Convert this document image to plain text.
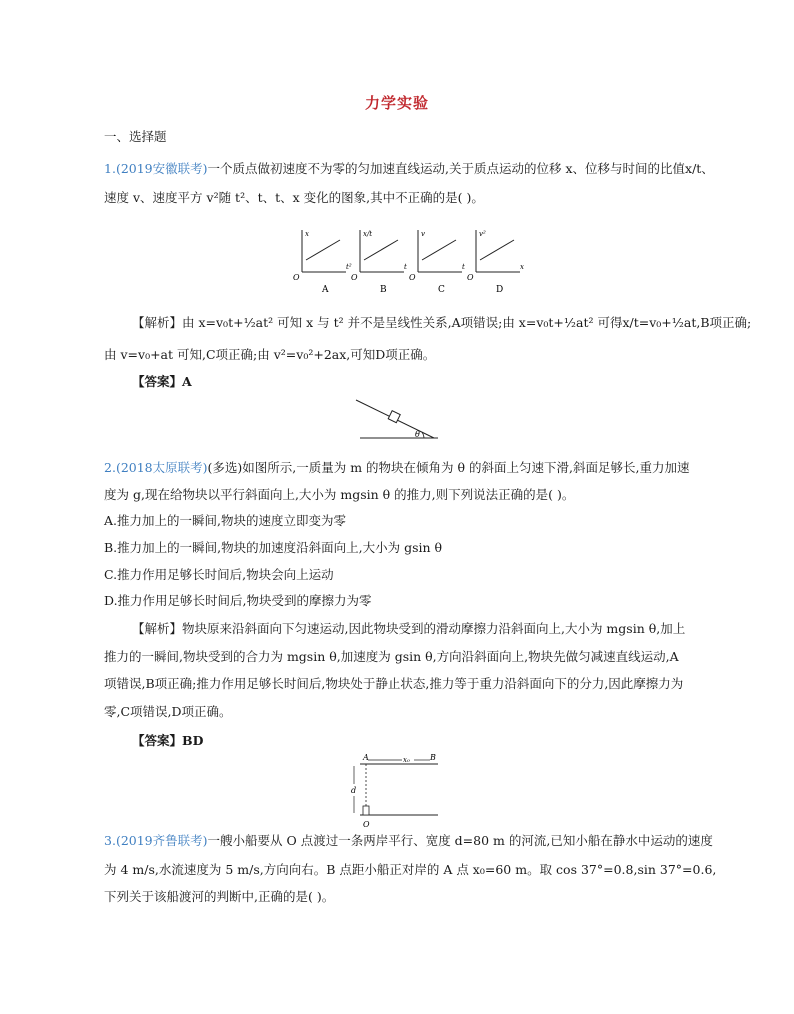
力学实验
一、选择题
1.(2019安徽联考)一个质点做初速度不为零的匀加速直线运动,关于质点运动的位移 x、位移与时间的比值x/t、
速度 v、速度平方 v²随 t²、t、t、x 变化的图象,其中不正确的是( )。
O
x
t²
A
O
x/t
t
B
O
v
t
C
O
v²
x
D
【解析】由 x=v₀t+½at² 可知 x 与 t² 并不是呈线性关系,A项错误;由 x=v₀t+½at² 可得x/t=v₀+½at,B项正确;
由 v=v₀+at 可知,C项正确;由 v²=v₀²+2ax,可知D项正确。
【答案】A
θ
2.(2018太原联考)(多选)如图所示,一质量为 m 的物块在倾角为 θ 的斜面上匀速下滑,斜面足够长,重力加速
度为 g,现在给物块以平行斜面向上,大小为 mgsin θ 的推力,则下列说法正确的是( )。
A.推力加上的一瞬间,物块的速度立即变为零
B.推力加上的一瞬间,物块的加速度沿斜面向上,大小为 gsin θ
C.推力作用足够长时间后,物块会向上运动
D.推力作用足够长时间后,物块受到的摩擦力为零
【解析】物块原来沿斜面向下匀速运动,因此物块受到的滑动摩擦力沿斜面向上,大小为 mgsin θ,加上
推力的一瞬间,物块受到的合力为 mgsin θ,加速度为 gsin θ,方向沿斜面向上,物块先做匀减速直线运动,A
项错误,B项正确;推力作用足够长时间后,物块处于静止状态,推力等于重力沿斜面向下的分力,因此摩擦力为
零,C项错误,D项正确。
【答案】BD
A	B
x₀
d
O
3.(2019齐鲁联考)一艘小船要从 O 点渡过一条两岸平行、宽度 d=80 m 的河流,已知小船在静水中运动的速度
为 4 m/s,水流速度为 5 m/s,方向向右。B 点距小船正对岸的 A 点 x₀=60 m。取 cos 37°=0.8,sin 37°=0.6,
下列关于该船渡河的判断中,正确的是( )。
